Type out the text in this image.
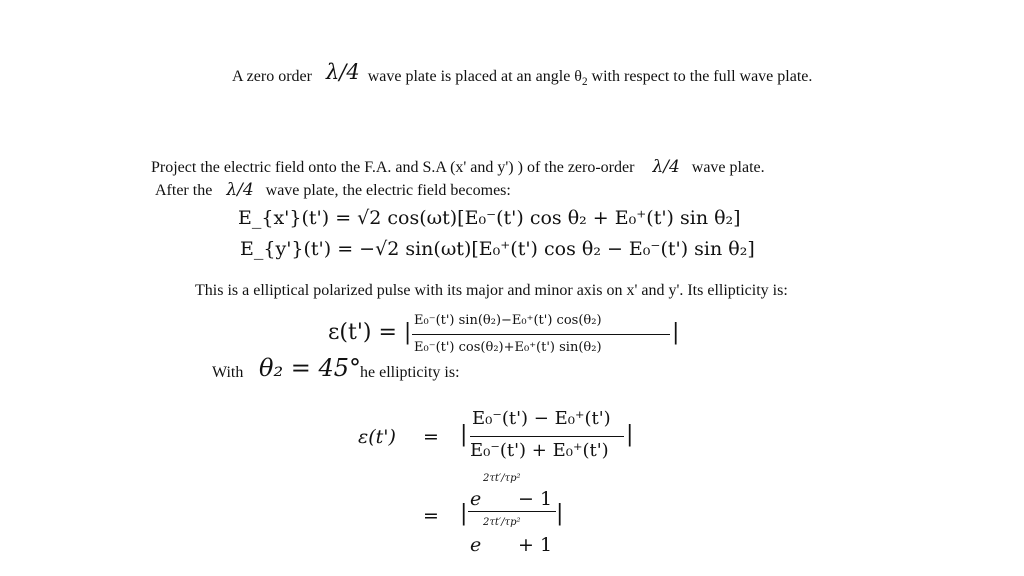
A zero order λ/4 wave plate is placed at an angle $\theta_2$ with respect to the full wave plate.
Project the electric field onto the F.A. and S.A (x' and y') ) of the zero-order λ/4 wave plate.
After the λ/4 wave plate, the electric field becomes:
E_{x'}(t') = √2 cos(ωt)[E₀⁻(t') cos θ₂ + E₀⁺(t') sin θ₂]
E_{y'}(t') = −√2 sin(ωt)[E₀⁺(t') cos θ₂ − E₀⁻(t') sin θ₂]
This is a elliptical polarized pulse with its major and minor axis on x' and y'. Its ellipticity is:
ε(t') = | E₀⁻(t') sin(θ₂)−E₀⁺(t') cos(θ₂)
E₀⁻(t') cos(θ₂)+E₀⁺(t') sin(θ₂)
|
With θ₂ = 45° he ellipticity is:
ε(t') = |
E₀⁻(t') − E₀⁺(t')
E₀⁻(t') + E₀⁺(t')
|
= |
2τt′/τp²
e − 1
2τt′/τp²
e + 1
|
